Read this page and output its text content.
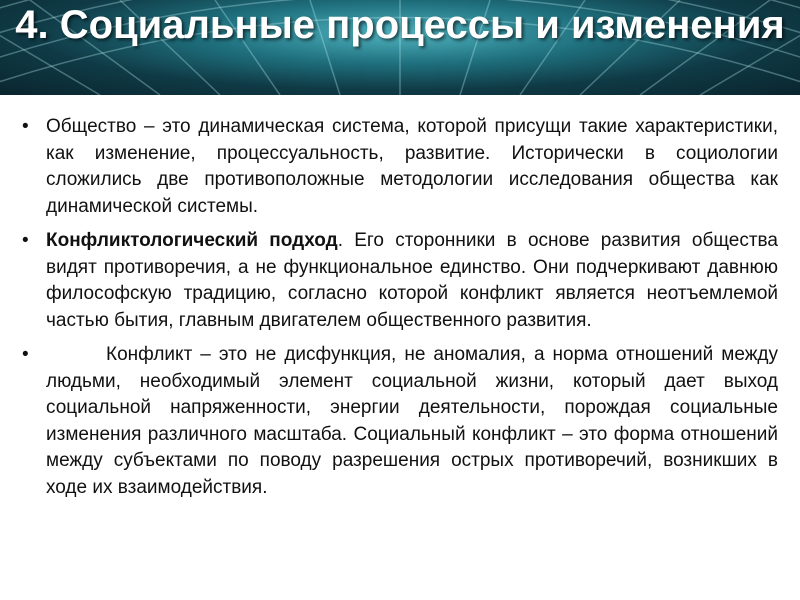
4. Социальные процессы и изменения
• Общество – это динамическая система, которой присущи такие характеристики, как изменение, процессуальность, развитие. Исторически в социологии сложились две противоположные методологии исследования общества как динамической системы.
• Конфликтологический подход. Его сторонники в основе развития общества видят противоречия, а не функциональное единство. Они подчеркивают давнюю философскую традицию, согласно которой конфликт является неотъемлемой частью бытия, главным двигателем общественного развития.
•	Конфликт – это не дисфункция, не аномалия, а норма отношений между людьми, необходимый элемент социальной жизни, который дает выход социальной напряженности, энергии деятельности, порождая социальные изменения различного масштаба. Социальный конфликт – это форма отношений между субъектами по поводу разрешения острых противоречий, возникших в ходе их взаимодействия.
